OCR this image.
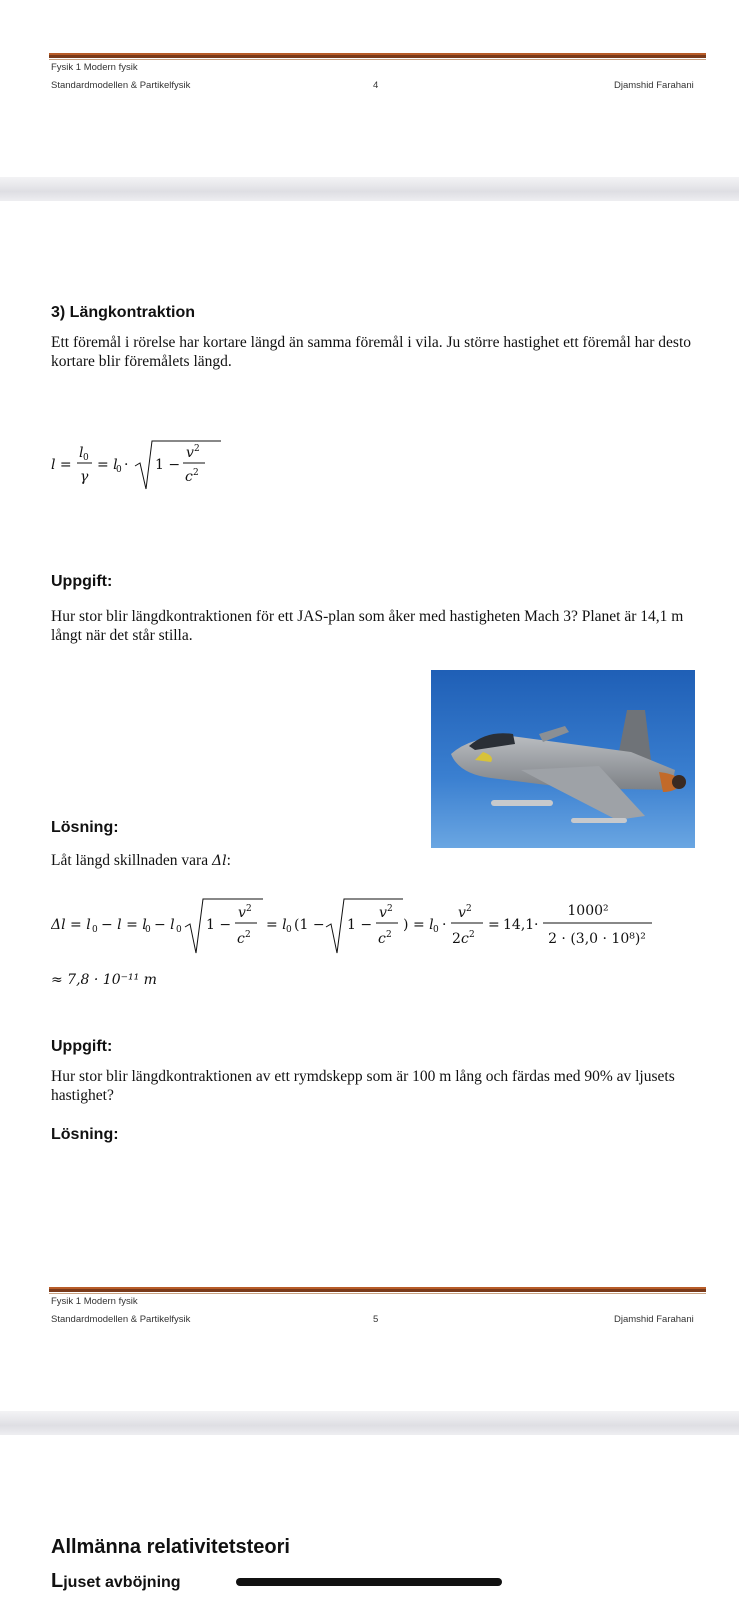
Fysik 1 Modern fysik
Standardmodellen & Partikelfysik	4	Djamshid Farahani
3) Längkontraktion
Ett föremål i rörelse har kortare längd än samma föremål i vila. Ju större hastighet ett föremål har desto kortare blir föremålets längd.
l =
l 0
γ
= l
0 · 1 −
v 2
c 2
Uppgift:
Hur stor blir längdkontraktionen för ett JAS-plan som åker med hastigheten Mach 3? Planet är 14,1 m långt när det står stilla.
Lösning:
Låt längd skillnaden vara Δl:
Δl = l 0 − l = l
0 − l 0 1 −
v 2
c 2
= l 0 (1 − 1 −
v 2
c 2
) = l 0 ·
v 2
2 c 2
= 14,1 ·
1000²
2 · (3,0 · 10⁸)²
≈ 7,8 · 10⁻¹¹ m
Uppgift:
Hur stor blir längdkontraktionen av ett rymdskepp som är 100 m lång och färdas med 90% av ljusets hastighet?
Lösning:
Fysik 1 Modern fysik
Standardmodellen & Partikelfysik	5	Djamshid Farahani
Allmänna relativitetsteori
Ljuset avböjning
